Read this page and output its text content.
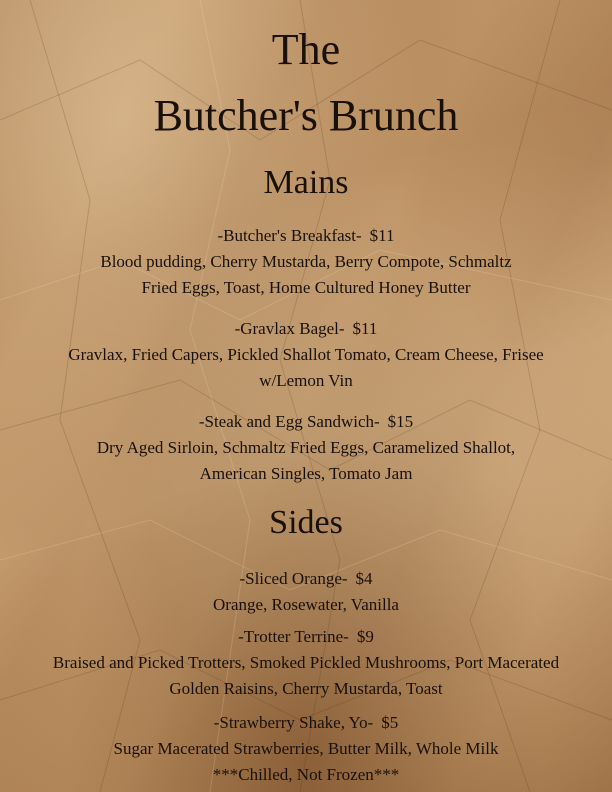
The
Butcher's Brunch
Mains
-Butcher's Breakfast- $11
Blood pudding, Cherry Mustarda, Berry Compote, Schmaltz
Fried Eggs, Toast, Home Cultured Honey Butter
-Gravlax Bagel- $11
Gravlax, Fried Capers, Pickled Shallot Tomato, Cream Cheese, Frisee
w/Lemon Vin
-Steak and Egg Sandwich- $15
Dry Aged Sirloin, Schmaltz Fried Eggs, Caramelized Shallot,
American Singles, Tomato Jam
Sides
-Sliced Orange- $4
Orange, Rosewater, Vanilla
-Trotter Terrine- $9
Braised and Picked Trotters, Smoked Pickled Mushrooms, Port Macerated
Golden Raisins, Cherry Mustarda, Toast
-Strawberry Shake, Yo- $5
Sugar Macerated Strawberries, Butter Milk, Whole Milk
***Chilled, Not Frozen***
